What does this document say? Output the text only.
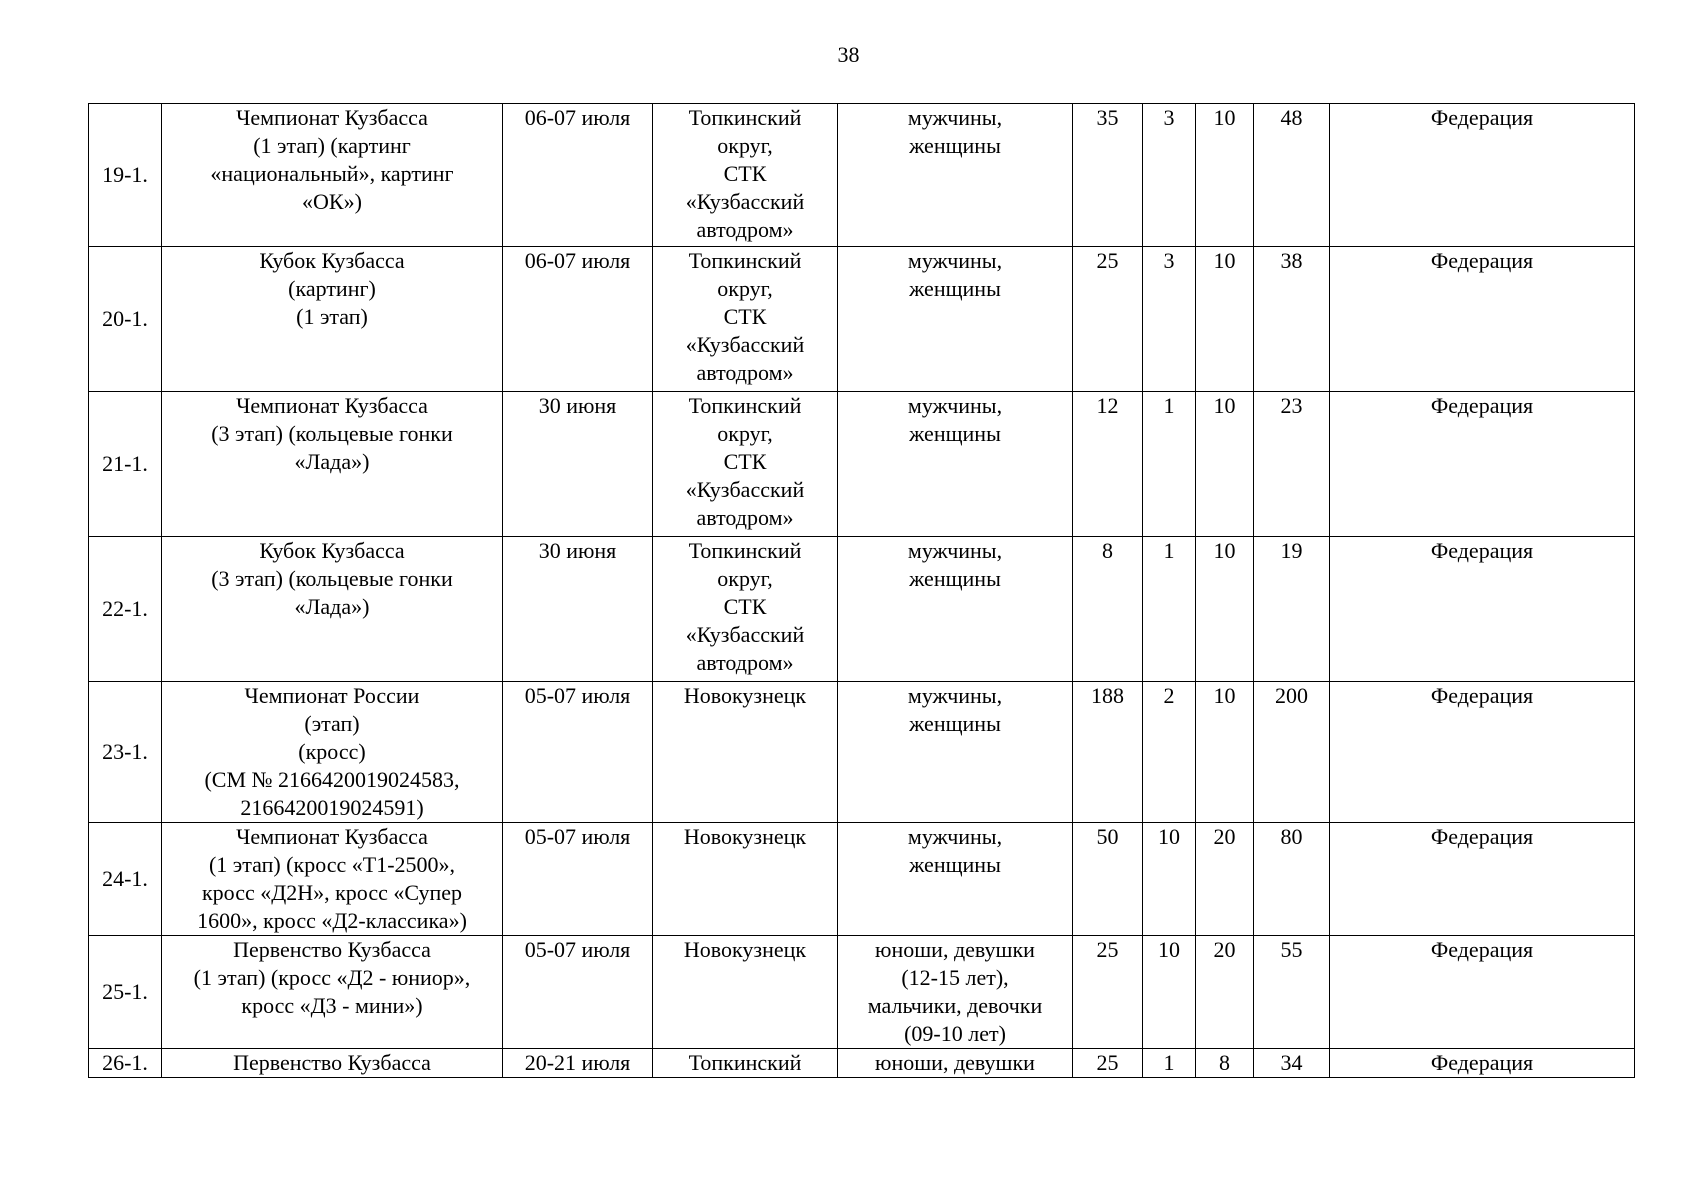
38
19-1.	Чемпионат Кузбасса
(1 этап) (картинг
«национальный», картинг
«ОК»)	06-07 июля	Топкинский
округ,
СТК
«Кузбасский
автодром»	мужчины,
женщины	35	3	10	48	Федерация

20-1.	Кубок Кузбасса
(картинг)
(1 этап)	06-07 июля	Топкинский
округ,
СТК
«Кузбасский
автодром»	мужчины,
женщины	25	3	10	38	Федерация

21-1.	Чемпионат Кузбасса
(3 этап) (кольцевые гонки
«Лада»)	30 июня	Топкинский
округ,
СТК
«Кузбасский
автодром»	мужчины,
женщины	12	1	10	23	Федерация

22-1.	Кубок Кузбасса
(3 этап) (кольцевые гонки
«Лада»)	30 июня	Топкинский
округ,
СТК
«Кузбасский
автодром»	мужчины,
женщины	8	1	10	19	Федерация

23-1.	Чемпионат России
(этап)
(кросс)
(СМ № 2166420019024583,
2166420019024591)	05-07 июля	Новокузнецк	мужчины,
женщины	188	2	10	200	Федерация

24-1.	Чемпионат Кузбасса
(1 этап) (кросс «Т1-2500»,
кросс «Д2Н», кросс «Супер
1600», кросс «Д2-классика»)	05-07 июля	Новокузнецк	мужчины,
женщины	50	10	20	80	Федерация

25-1.	Первенство Кузбасса
(1 этап) (кросс «Д2 - юниор»,
кросс «Д3 - мини»)	05-07 июля	Новокузнецк	юноши, девушки
(12-15 лет),
мальчики, девочки
(09-10 лет)	25	10	20	55	Федерация

26-1.	Первенство Кузбасса	20-21 июля	Топкинский	юноши, девушки	25	1	8	34	Федерация
